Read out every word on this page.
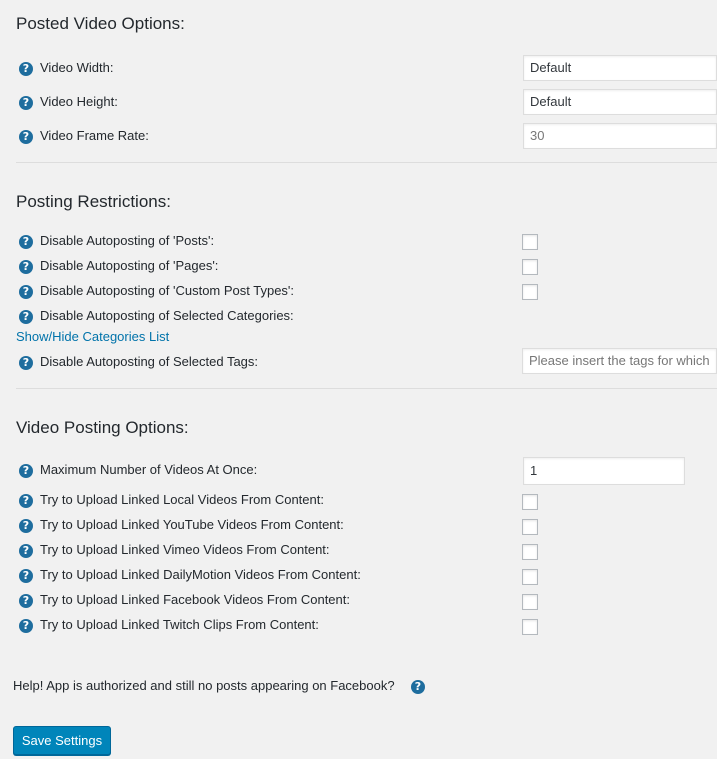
Posted Video Options:
? Video Width:	Default
? Video Height:	Default
? Video Frame Rate:	30
Posting Restrictions:
? Disable Autoposting of 'Posts':
? Disable Autoposting of 'Pages':
? Disable Autoposting of 'Custom Post Types':
? Disable Autoposting of Selected Categories:
Show/Hide Categories List
? Disable Autoposting of Selected Tags:	Please insert the tags for which
Video Posting Options:
? Maximum Number of Videos At Once:	1
? Try to Upload Linked Local Videos From Content:
? Try to Upload Linked YouTube Videos From Content:
? Try to Upload Linked Vimeo Videos From Content:
? Try to Upload Linked DailyMotion Videos From Content:
? Try to Upload Linked Facebook Videos From Content:
? Try to Upload Linked Twitch Clips From Content:
Help! App is authorized and still no posts appearing on Facebook?	?
Save Settings
